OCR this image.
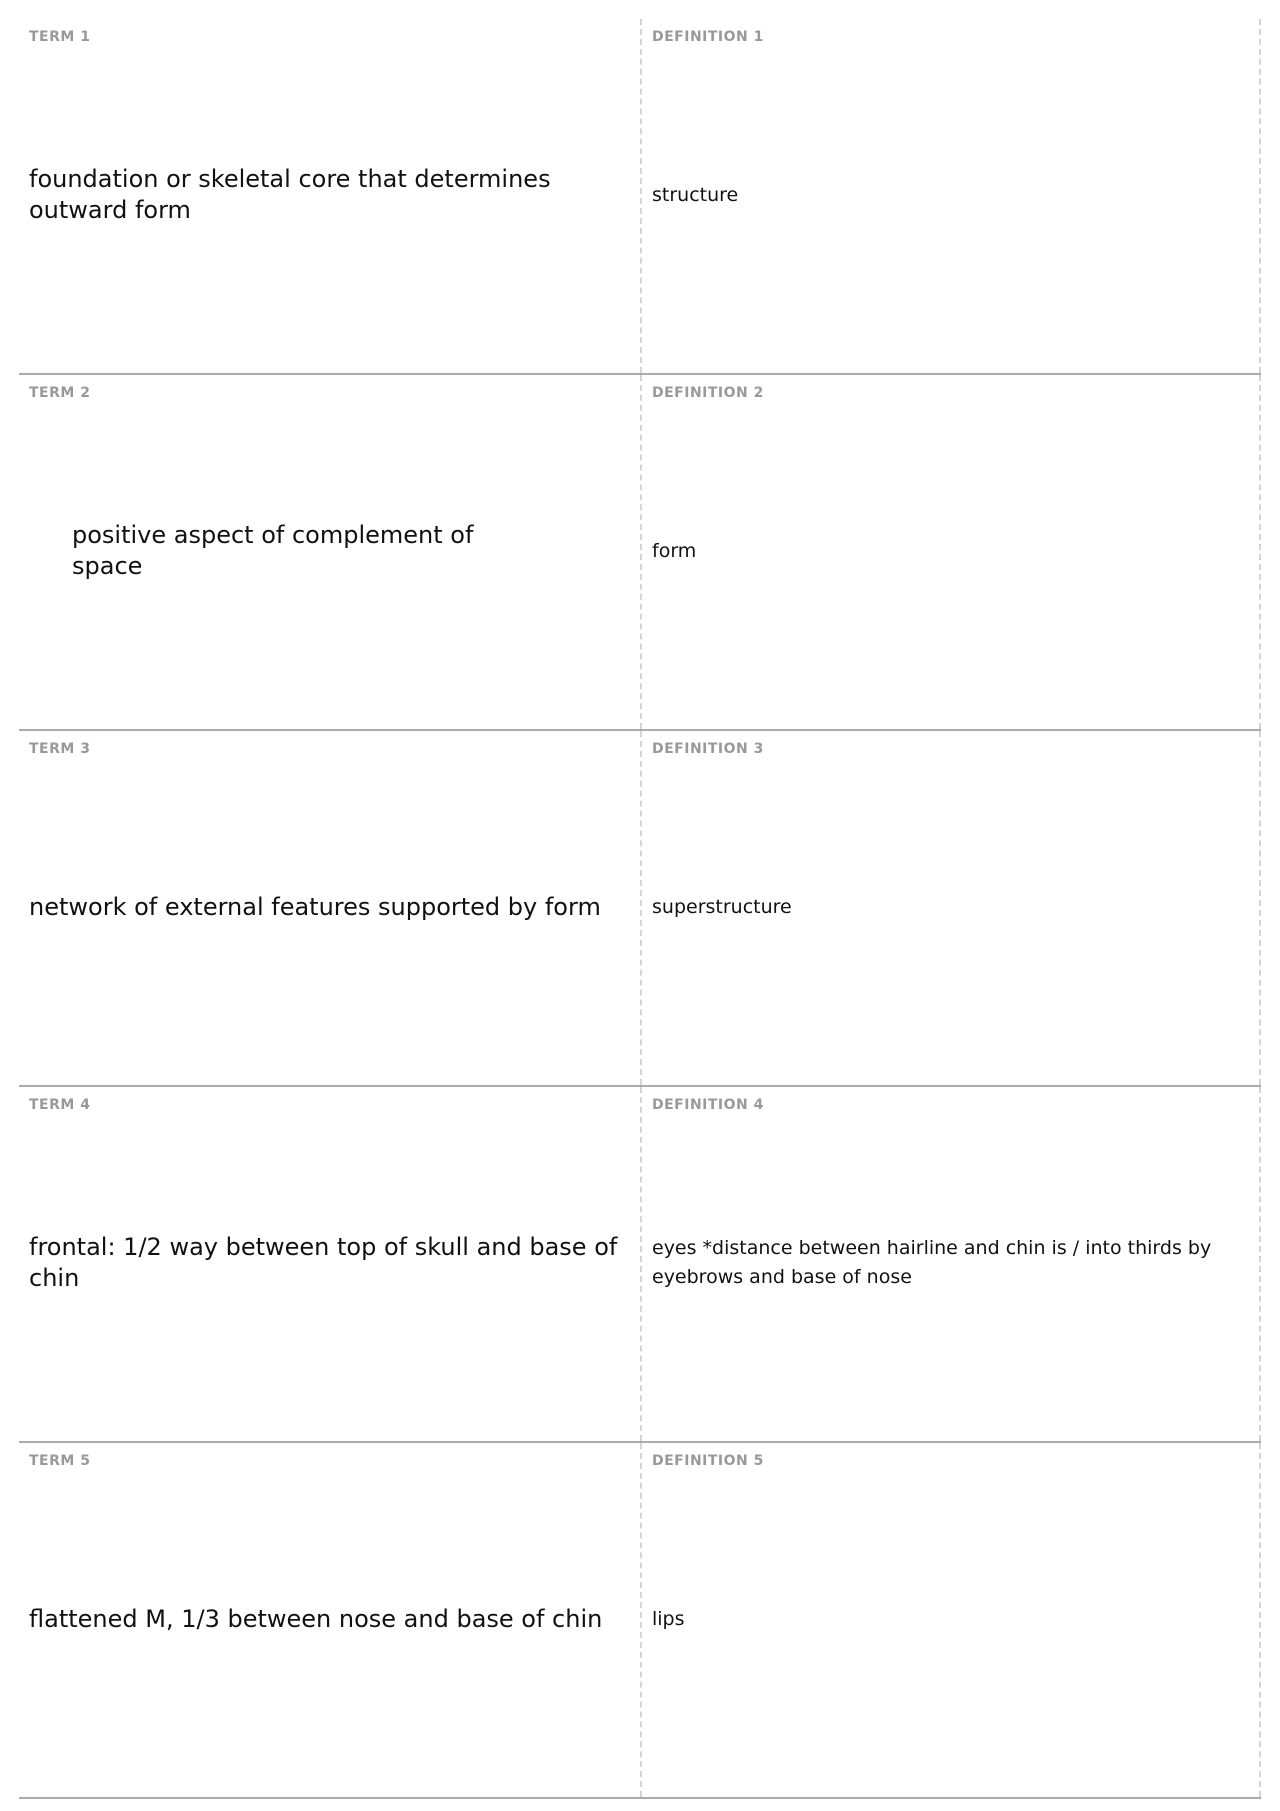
TERM 1
foundation or skeletal core that determines outward form
DEFINITION 1
structure
TERM 2
positive aspect of complement of space
DEFINITION 2
form
TERM 3
network of external features supported by form
DEFINITION 3
superstructure
TERM 4
frontal: 1/2 way between top of skull and base of chin
DEFINITION 4
eyes *distance between hairline and chin is / into thirds by eyebrows and base of nose
TERM 5
flattened M, 1/3 between nose and base of chin
DEFINITION 5
lips
